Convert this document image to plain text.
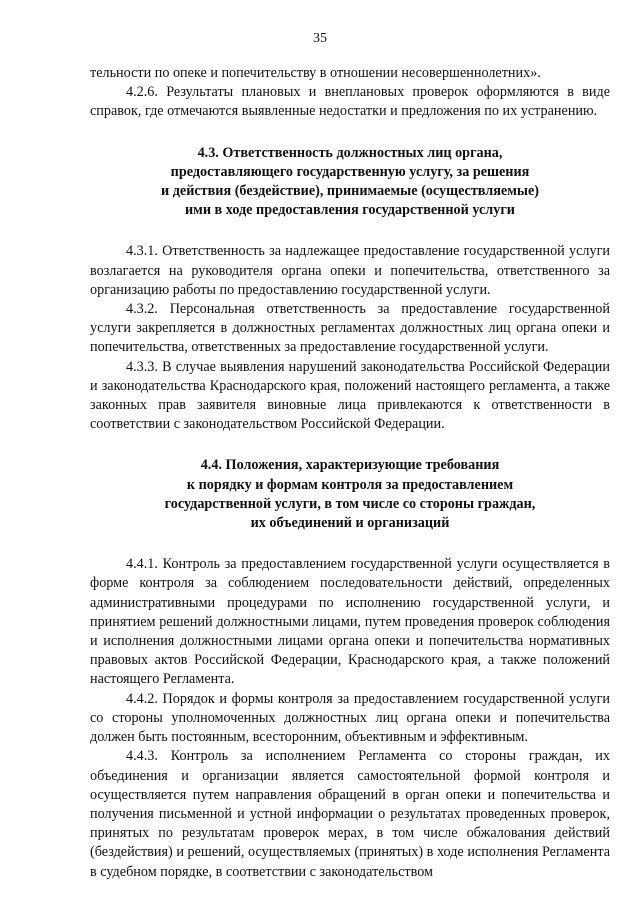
35

тельности по опеке и попечительству в отношении несовершеннолетних».

4.2.6. Результаты плановых и внеплановых проверок оформляются в виде справок, где отмечаются выявленные недостатки и предложения по их устранению.

4.3. Ответственность должностных лиц органа,
предоставляющего государственную услугу, за решения
и действия (бездействие), принимаемые (осуществляемые)
ими в ходе предоставления государственной услуги

4.3.1. Ответственность за надлежащее предоставление государственной услуги возлагается на руководителя органа опеки и попечительства, ответственного за организацию работы по предоставлению государственной услуги.

4.3.2. Персональная ответственность за предоставление государственной услуги закрепляется в должностных регламентах должностных лиц органа опеки и попечительства, ответственных за предоставление государственной услуги.

4.3.3. В случае выявления нарушений законодательства Российской Федерации и законодательства Краснодарского края, положений настоящего регламента, а также законных прав заявителя виновные лица привлекаются к ответственности в соответствии с законодательством Российской Федерации.

4.4. Положения, характеризующие требования
к порядку и формам контроля за предоставлением
государственной услуги, в том числе со стороны граждан,
их объединений и организаций

4.4.1. Контроль за предоставлением государственной услуги осуществляется в форме контроля за соблюдением последовательности действий, определенных административными процедурами по исполнению государственной услуги, и принятием решений должностными лицами, путем проведения проверок соблюдения и исполнения должностными лицами органа опеки и попечительства нормативных правовых актов Российской Федерации, Краснодарского края, а также положений настоящего Регламента.

4.4.2. Порядок и формы контроля за предоставлением государственной услуги со стороны уполномоченных должностных лиц органа опеки и попечительства должен быть постоянным, всесторонним, объективным и эффективным.

4.4.3. Контроль за исполнением Регламента со стороны граждан, их объединения и организации является самостоятельной формой контроля и осуществляется путем направления обращений в орган опеки и попечительства и получения письменной и устной информации о результатах проведенных проверок, принятых по результатам проверок мерах, в том числе обжалования действий (бездействия) и решений, осуществляемых (принятых) в ходе исполнения Регламента в судебном порядке, в соответствии с законодательством
